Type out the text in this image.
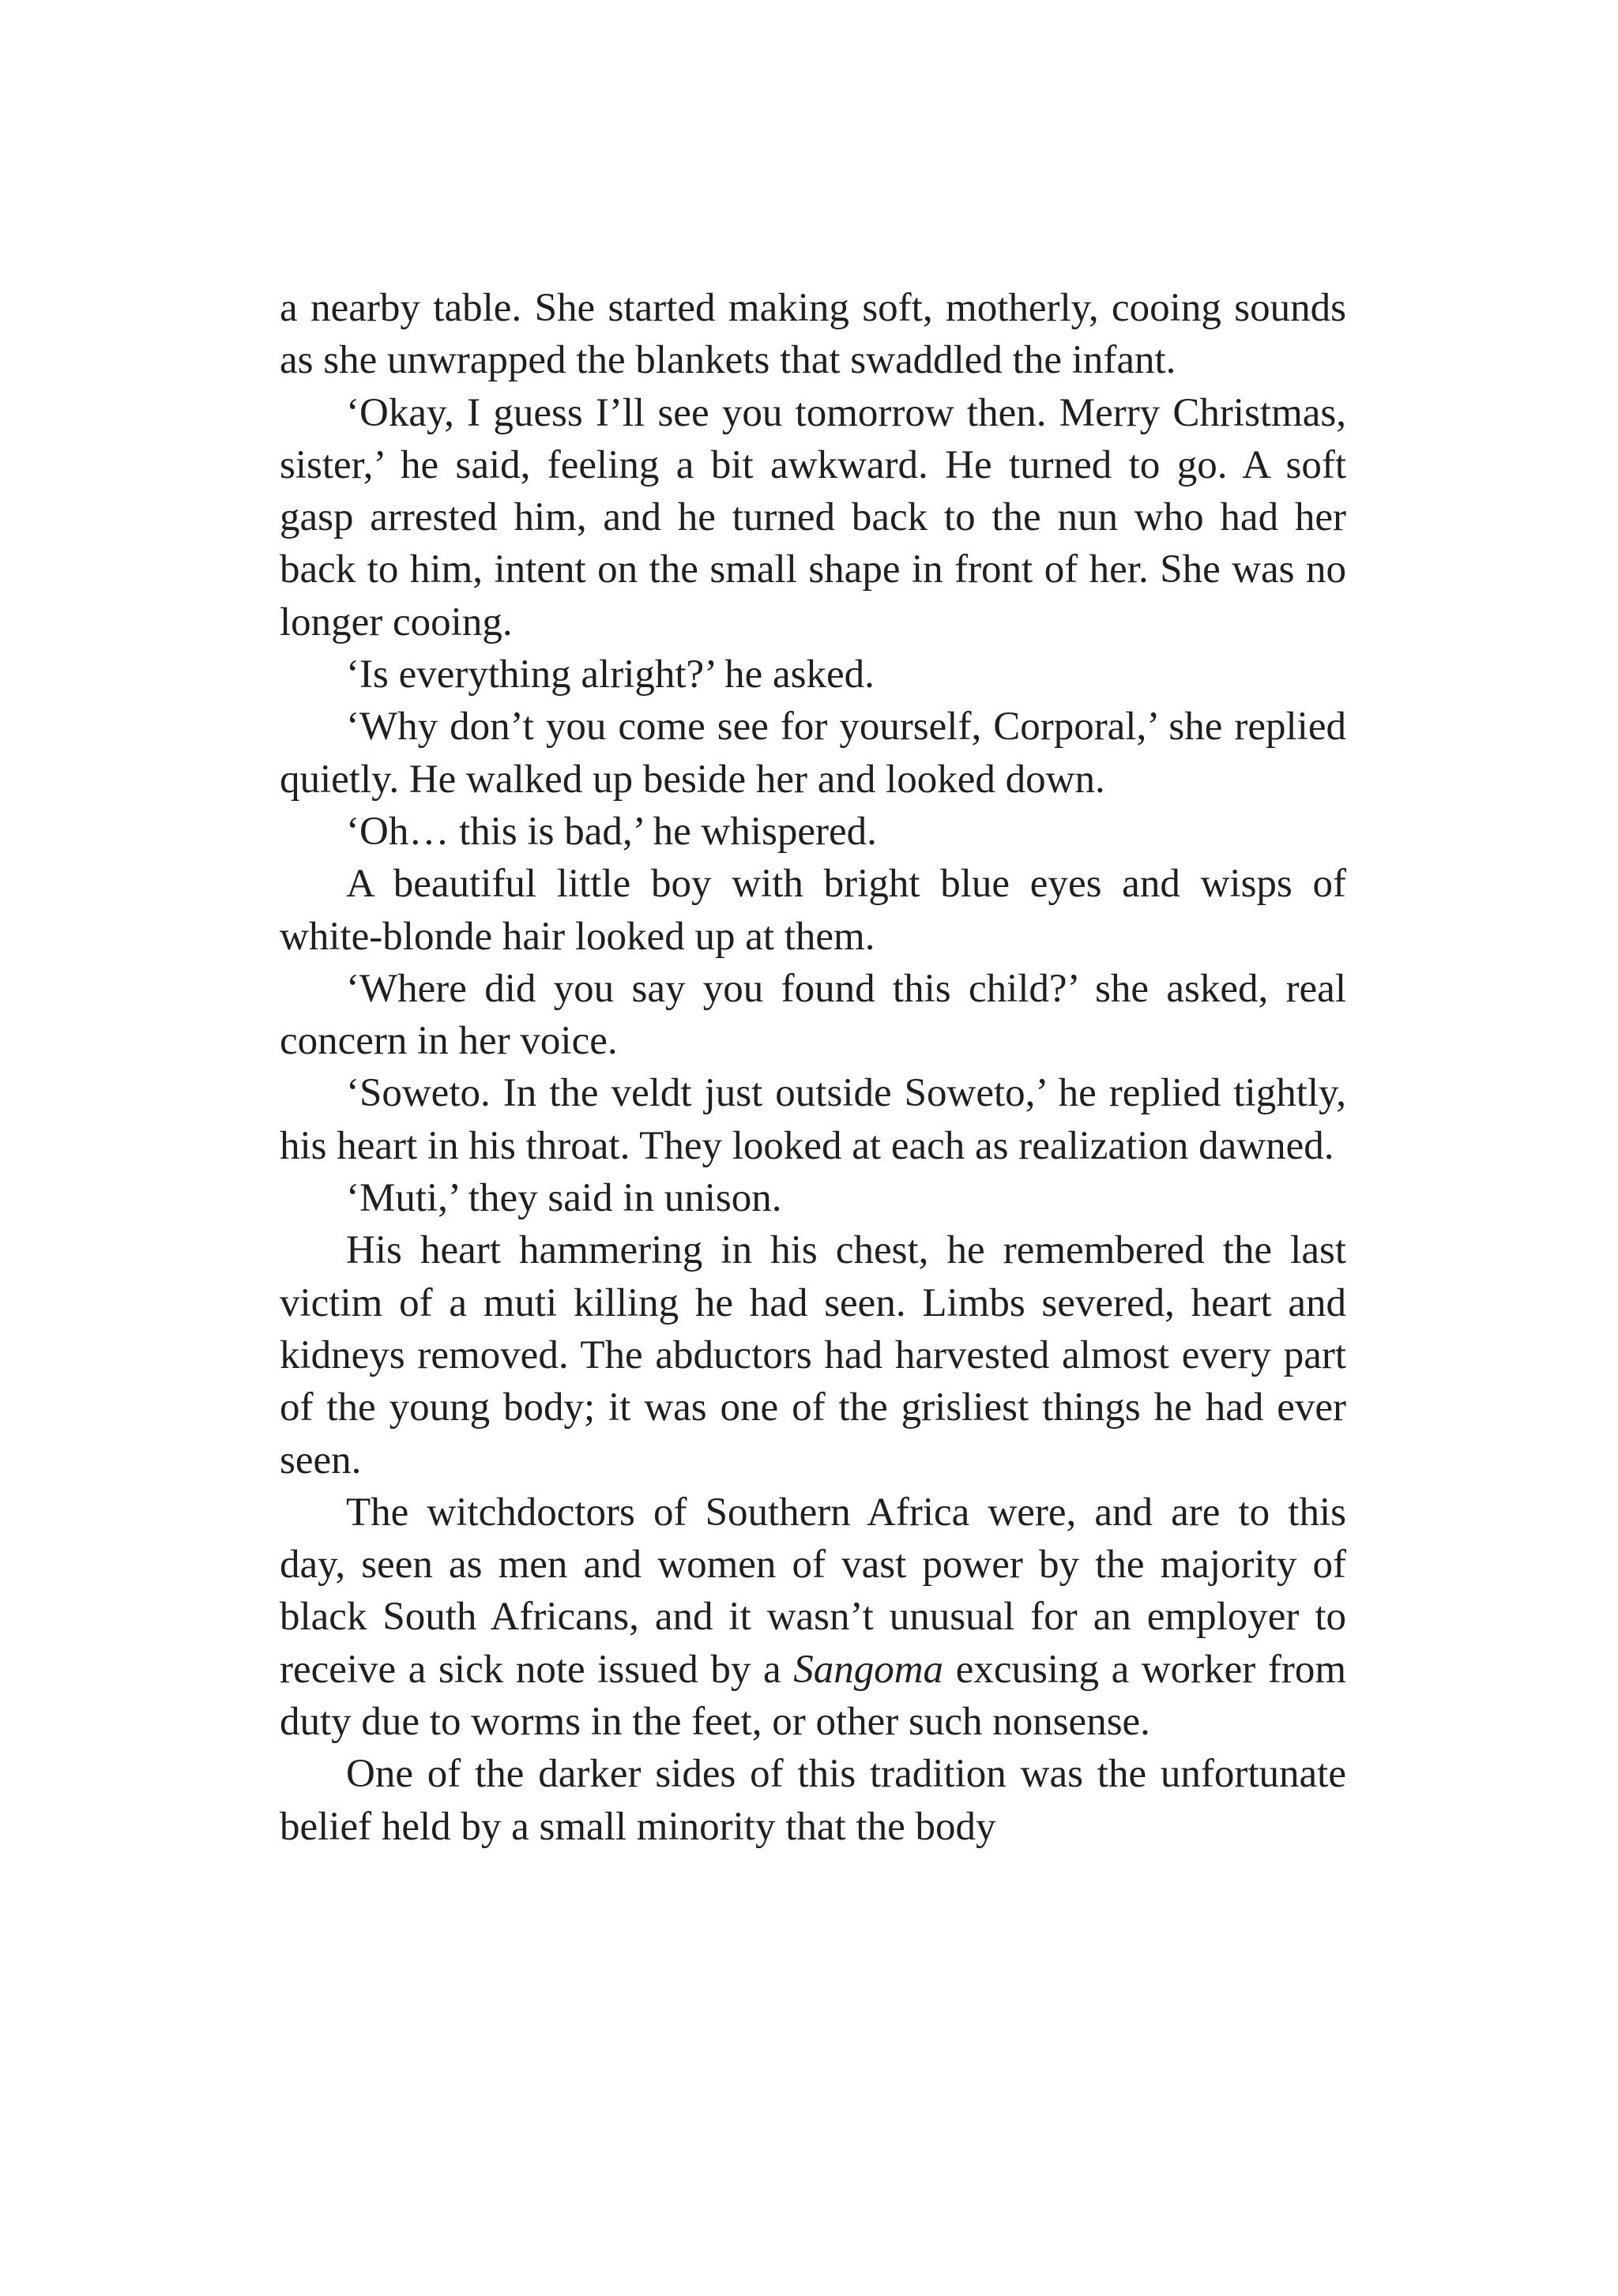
a nearby table. She started making soft, motherly, cooing sounds as she unwrapped the blankets that swaddled the infant.

‘Okay, I guess I’ll see you tomorrow then. Merry Christmas, sister,’ he said, feeling a bit awkward. He turned to go. A soft gasp arrested him, and he turned back to the nun who had her back to him, intent on the small shape in front of her. She was no longer cooing.

‘Is everything alright?’ he asked.

‘Why don’t you come see for yourself, Corporal,’ she replied quietly. He walked up beside her and looked down.

‘Oh… this is bad,’ he whispered.

A beautiful little boy with bright blue eyes and wisps of white-blonde hair looked up at them.

‘Where did you say you found this child?’ she asked, real concern in her voice.

‘Soweto. In the veldt just outside Soweto,’ he replied tightly, his heart in his throat. They looked at each as realization dawned.

‘Muti,’ they said in unison.

His heart hammering in his chest, he remembered the last victim of a muti killing he had seen. Limbs severed, heart and kidneys removed. The abductors had harvested almost every part of the young body; it was one of the grisliest things he had ever seen.

The witchdoctors of Southern Africa were, and are to this day, seen as men and women of vast power by the majority of black South Africans, and it wasn’t unusual for an employer to receive a sick note issued by a Sangoma excusing a worker from duty due to worms in the feet, or other such nonsense.

One of the darker sides of this tradition was the unfortunate belief held by a small minority that the body
